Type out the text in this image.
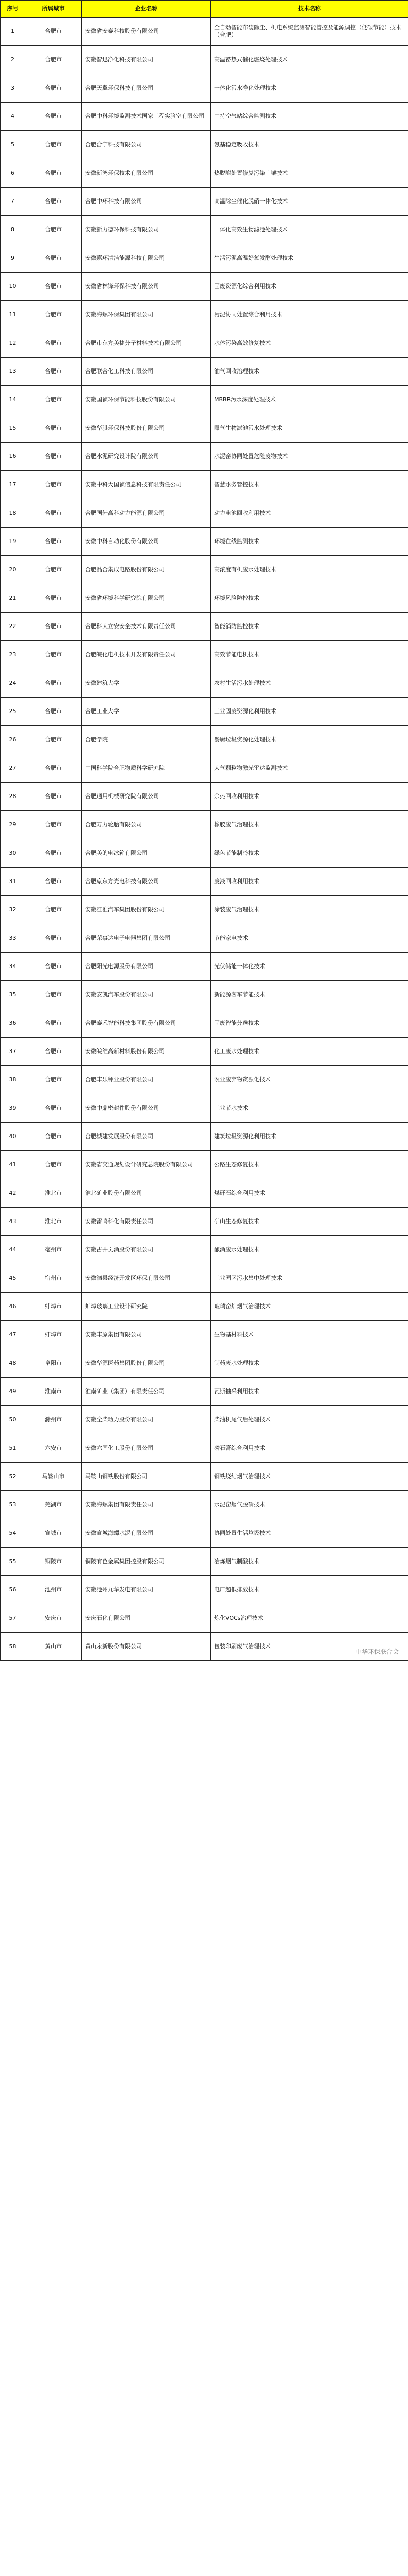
序号	所属城市	企业名称	技术名称
1	合肥市	安徽省安泰科技股份有限公司	全自动智能布袋除尘、机电系统监测智能管控及能源调控（低碳节能）技术（合肥）
2	合肥市	安徽智迅净化科技有限公司	高温蓄热式催化燃烧处理技术
3	合肥市	合肥天翼环保科技有限公司	一体化污水净化处理技术
4	合肥市	合肥中科环境监测技术国家工程实验室有限公司	中持空气站综合监测技术
5	合肥市	合肥合宁科技有限公司	氨基稳定吸收技术
6	合肥市	安徽新鸿环保技术有限公司	热脱附处置修复污染土壤技术
7	合肥市	合肥中环科技有限公司	高温除尘催化脱硝一体化技术
8	合肥市	安徽新力德环保科技有限公司	一体化高效生物滤池处理技术
9	合肥市	安徽嘉环清洁能源科技有限公司	生活污泥高温好氧发酵处理技术
10	合肥市	安徽省林锋环保科技有限公司	固废资源化综合利用技术
11	合肥市	安徽海螺环保集团有限公司	污泥协同处置综合利用技术
12	合肥市	合肥市东方美捷分子材料技术有限公司	水体污染高效修复技术
13	合肥市	合肥联合化工科技有限公司	油气回收治理技术
14	合肥市	安徽国祯环保节能科技股份有限公司	MBBR污水深度处理技术
15	合肥市	安徽华骐环保科技股份有限公司	曝气生物滤池污水处理技术
16	合肥市	合肥水泥研究设计院有限公司	水泥窑协同处置危险废物技术
17	合肥市	安徽中科大国祯信息科技有限责任公司	智慧水务管控技术
18	合肥市	合肥国轩高科动力能源有限公司	动力电池回收利用技术
19	合肥市	安徽中科自动化股份有限公司	环境在线监测技术
20	合肥市	合肥晶合集成电路股份有限公司	高浓度有机废水处理技术
21	合肥市	安徽省环境科学研究院有限公司	环境风险防控技术
22	合肥市	合肥科大立安安全技术有限责任公司	智能消防监控技术
23	合肥市	合肥皖化电机技术开发有限责任公司	高效节能电机技术
24	合肥市	安徽建筑大学	农村生活污水处理技术
25	合肥市	合肥工业大学	工业固废资源化利用技术
26	合肥市	合肥学院	餐厨垃圾资源化处理技术
27	合肥市	中国科学院合肥物质科学研究院	大气颗粒物激光雷达监测技术
28	合肥市	合肥通用机械研究院有限公司	余热回收利用技术
29	合肥市	合肥万力轮胎有限公司	橡胶废气治理技术
30	合肥市	合肥美的电冰箱有限公司	绿色节能制冷技术
31	合肥市	合肥京东方光电科技有限公司	废液回收利用技术
32	合肥市	安徽江淮汽车集团股份有限公司	涂装废气治理技术
33	合肥市	合肥荣事达电子电器集团有限公司	节能家电技术
34	合肥市	合肥阳光电源股份有限公司	光伏储能一体化技术
35	合肥市	安徽安凯汽车股份有限公司	新能源客车节能技术
36	合肥市	合肥泰禾智能科技集团股份有限公司	固废智能分选技术
37	合肥市	安徽皖维高新材料股份有限公司	化工废水处理技术
38	合肥市	合肥丰乐种业股份有限公司	农业废弃物资源化技术
39	合肥市	安徽中鼎密封件股份有限公司	工业节水技术
40	合肥市	合肥城建发展股份有限公司	建筑垃圾资源化利用技术
41	合肥市	安徽省交通规划设计研究总院股份有限公司	公路生态修复技术
42	淮北市	淮北矿业股份有限公司	煤矸石综合利用技术
43	淮北市	安徽雷鸣科化有限责任公司	矿山生态修复技术
44	亳州市	安徽古井贡酒股份有限公司	酿酒废水处理技术
45	宿州市	安徽泗县经济开发区环保有限公司	工业园区污水集中处理技术
46	蚌埠市	蚌埠玻璃工业设计研究院	玻璃窑炉烟气治理技术
47	蚌埠市	安徽丰原集团有限公司	生物基材料技术
48	阜阳市	安徽华源医药集团股份有限公司	制药废水处理技术
49	淮南市	淮南矿业（集团）有限责任公司	瓦斯抽采利用技术
50	滁州市	安徽全柴动力股份有限公司	柴油机尾气后处理技术
51	六安市	安徽六国化工股份有限公司	磷石膏综合利用技术
52	马鞍山市	马鞍山钢铁股份有限公司	钢铁烧结烟气治理技术
53	芜湖市	安徽海螺集团有限责任公司	水泥窑烟气脱硝技术
54	宣城市	安徽宣城海螺水泥有限公司	协同处置生活垃圾技术
55	铜陵市	铜陵有色金属集团控股有限公司	冶炼烟气制酸技术
56	池州市	安徽池州九华发电有限公司	电厂超低排放技术
57	安庆市	安庆石化有限公司	炼化VOCs治理技术
58	黄山市	黄山永新股份有限公司	包装印刷废气治理技术
中华环保联合会
